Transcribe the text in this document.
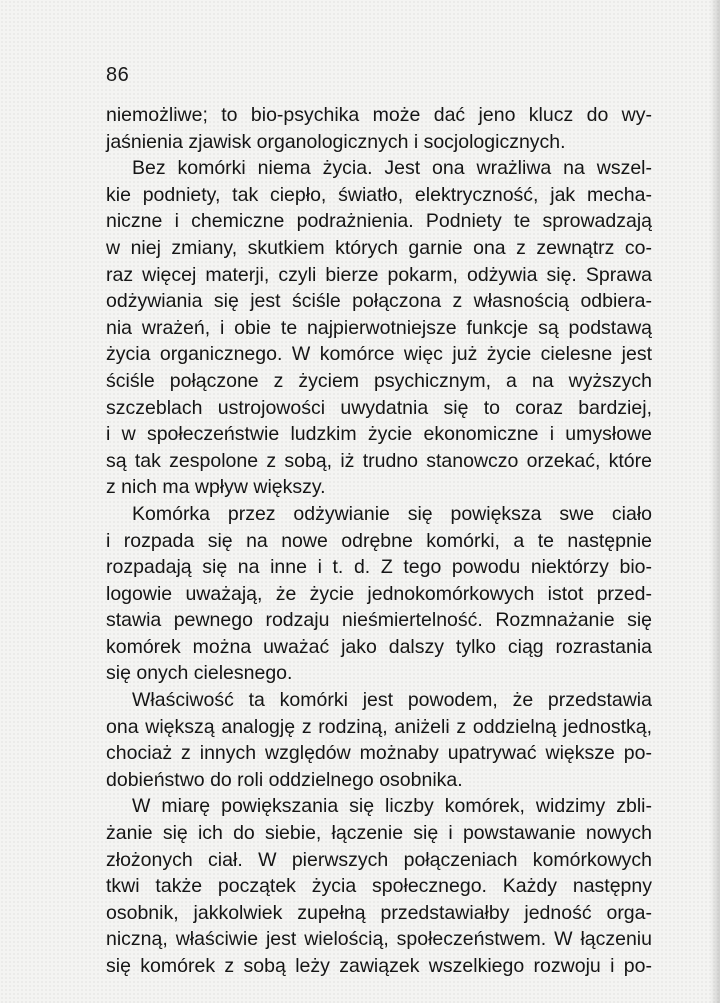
86
niemożliwe; to bio-psychika może dać jeno klucz do wy-
jaśnienia zjawisk organologicznych i socjologicznych.
Bez komórki niema życia. Jest ona wrażliwa na wszel-
kie podniety, tak ciepło, światło, elektryczność, jak mecha-
niczne i chemiczne podrażnienia. Podniety te sprowadzają
w niej zmiany, skutkiem których garnie ona z zewnątrz co-
raz więcej materji, czyli bierze pokarm, odżywia się. Sprawa
odżywiania się jest ściśle połączona z własnością odbiera-
nia wrażeń, i obie te najpierwotniejsze funkcje są podstawą
życia organicznego. W komórce więc już życie cielesne jest
ściśle połączone z życiem psychicznym, a na wyższych
szczeblach ustrojowości uwydatnia się to coraz bardziej,
i w społeczeństwie ludzkim życie ekonomiczne i umysłowe
są tak zespolone z sobą, iż trudno stanowczo orzekać, które
z nich ma wpływ większy.
Komórka przez odżywianie się powiększa swe ciało
i rozpada się na nowe odrębne komórki, a te następnie
rozpadają się na inne i t. d. Z tego powodu niektórzy bio-
logowie uważają, że życie jednokomórkowych istot przed-
stawia pewnego rodzaju nieśmiertelność. Rozmnażanie się
komórek można uważać jako dalszy tylko ciąg rozrastania
się onych cielesnego.
Właściwość ta komórki jest powodem, że przedstawia
ona większą analogję z rodziną, aniżeli z oddzielną jednostką,
chociaż z innych względów możnaby upatrywać większe po-
dobieństwo do roli oddzielnego osobnika.
W miarę powiększania się liczby komórek, widzimy zbli-
żanie się ich do siebie, łączenie się i powstawanie nowych
złożonych ciał. W pierwszych połączeniach komórkowych
tkwi także początek życia społecznego. Każdy następny
osobnik, jakkolwiek zupełną przedstawiałby jedność orga-
niczną, właściwie jest wielością, społeczeństwem. W łączeniu
się komórek z sobą leży zawiązek wszelkiego rozwoju i po-
